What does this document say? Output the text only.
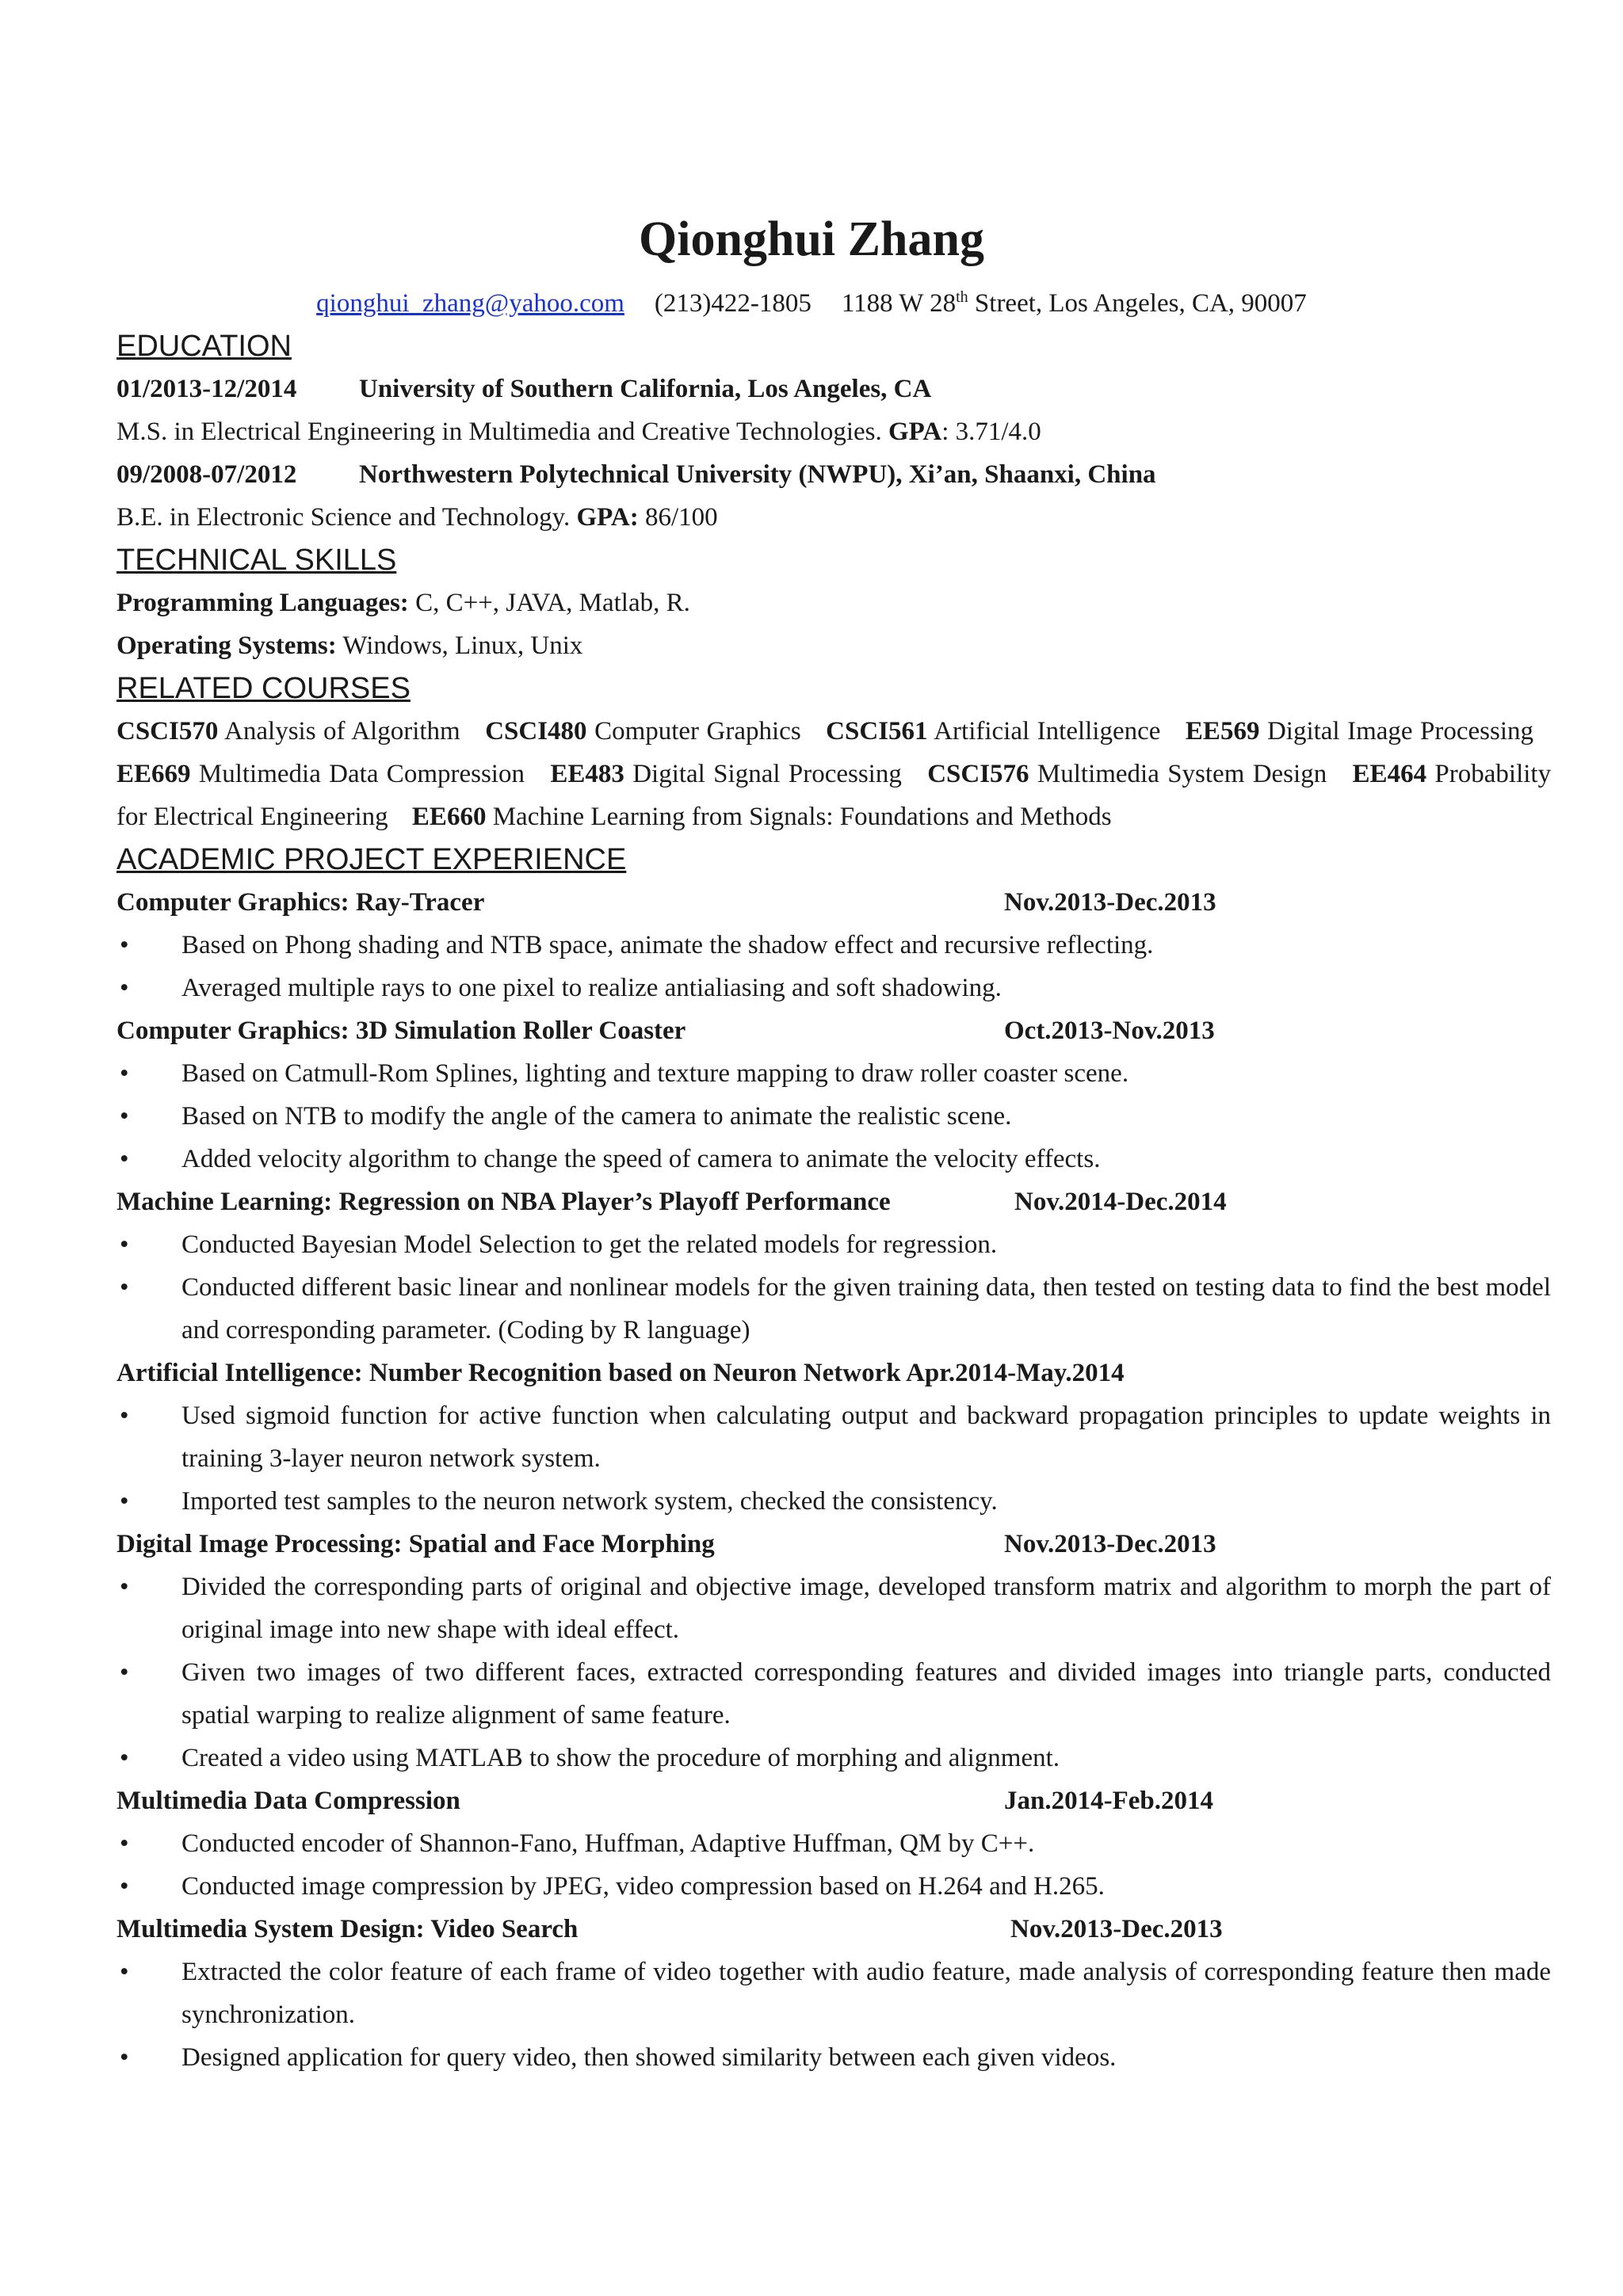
Qionghui Zhang
qionghui_zhang@yahoo.com (213)422-1805 1188 W 28th Street, Los Angeles, CA, 90007
EDUCATION
01/2013-12/2014 University of Southern California, Los Angeles, CA
M.S. in Electrical Engineering in Multimedia and Creative Technologies. GPA: 3.71/4.0
09/2008-07/2012 Northwestern Polytechnical University (NWPU), Xi’an, Shaanxi, China
B.E. in Electronic Science and Technology. GPA: 86/100
TECHNICAL SKILLS
Programming Languages: C, C++, JAVA, Matlab, R.
Operating Systems: Windows, Linux, Unix
RELATED COURSES
CSCI570 Analysis of Algorithm CSCI480 Computer Graphics CSCI561 Artificial Intelligence EE569 Digital Image Processing EE669 Multimedia Data Compression EE483 Digital Signal Processing CSCI576 Multimedia System Design EE464 Probability for Electrical Engineering EE660 Machine Learning from Signals: Foundations and Methods
ACADEMIC PROJECT EXPERIENCE
Computer Graphics: Ray-Tracer	Nov.2013-Dec.2013
• Based on Phong shading and NTB space, animate the shadow effect and recursive reflecting.
• Averaged multiple rays to one pixel to realize antialiasing and soft shadowing.
Computer Graphics: 3D Simulation Roller Coaster	Oct.2013-Nov.2013
• Based on Catmull-Rom Splines, lighting and texture mapping to draw roller coaster scene.
• Based on NTB to modify the angle of the camera to animate the realistic scene.
• Added velocity algorithm to change the speed of camera to animate the velocity effects.
Machine Learning: Regression on NBA Player’s Playoff Performance	Nov.2014-Dec.2014
• Conducted Bayesian Model Selection to get the related models for regression.
• Conducted different basic linear and nonlinear models for the given training data, then tested on testing data to find the best model and corresponding parameter. (Coding by R language)
Artificial Intelligence: Number Recognition based on Neuron Network Apr.2014-May.2014
• Used sigmoid function for active function when calculating output and backward propagation principles to update weights in training 3-layer neuron network system.
• Imported test samples to the neuron network system, checked the consistency.
Digital Image Processing: Spatial and Face Morphing	Nov.2013-Dec.2013
• Divided the corresponding parts of original and objective image, developed transform matrix and algorithm to morph the part of original image into new shape with ideal effect.
• Given two images of two different faces, extracted corresponding features and divided images into triangle parts, conducted spatial warping to realize alignment of same feature.
• Created a video using MATLAB to show the procedure of morphing and alignment.
Multimedia Data Compression	Jan.2014-Feb.2014
• Conducted encoder of Shannon-Fano, Huffman, Adaptive Huffman, QM by C++.
• Conducted image compression by JPEG, video compression based on H.264 and H.265.
Multimedia System Design: Video Search	Nov.2013-Dec.2013
• Extracted the color feature of each frame of video together with audio feature, made analysis of corresponding feature then made synchronization.
• Designed application for query video, then showed similarity between each given videos.
